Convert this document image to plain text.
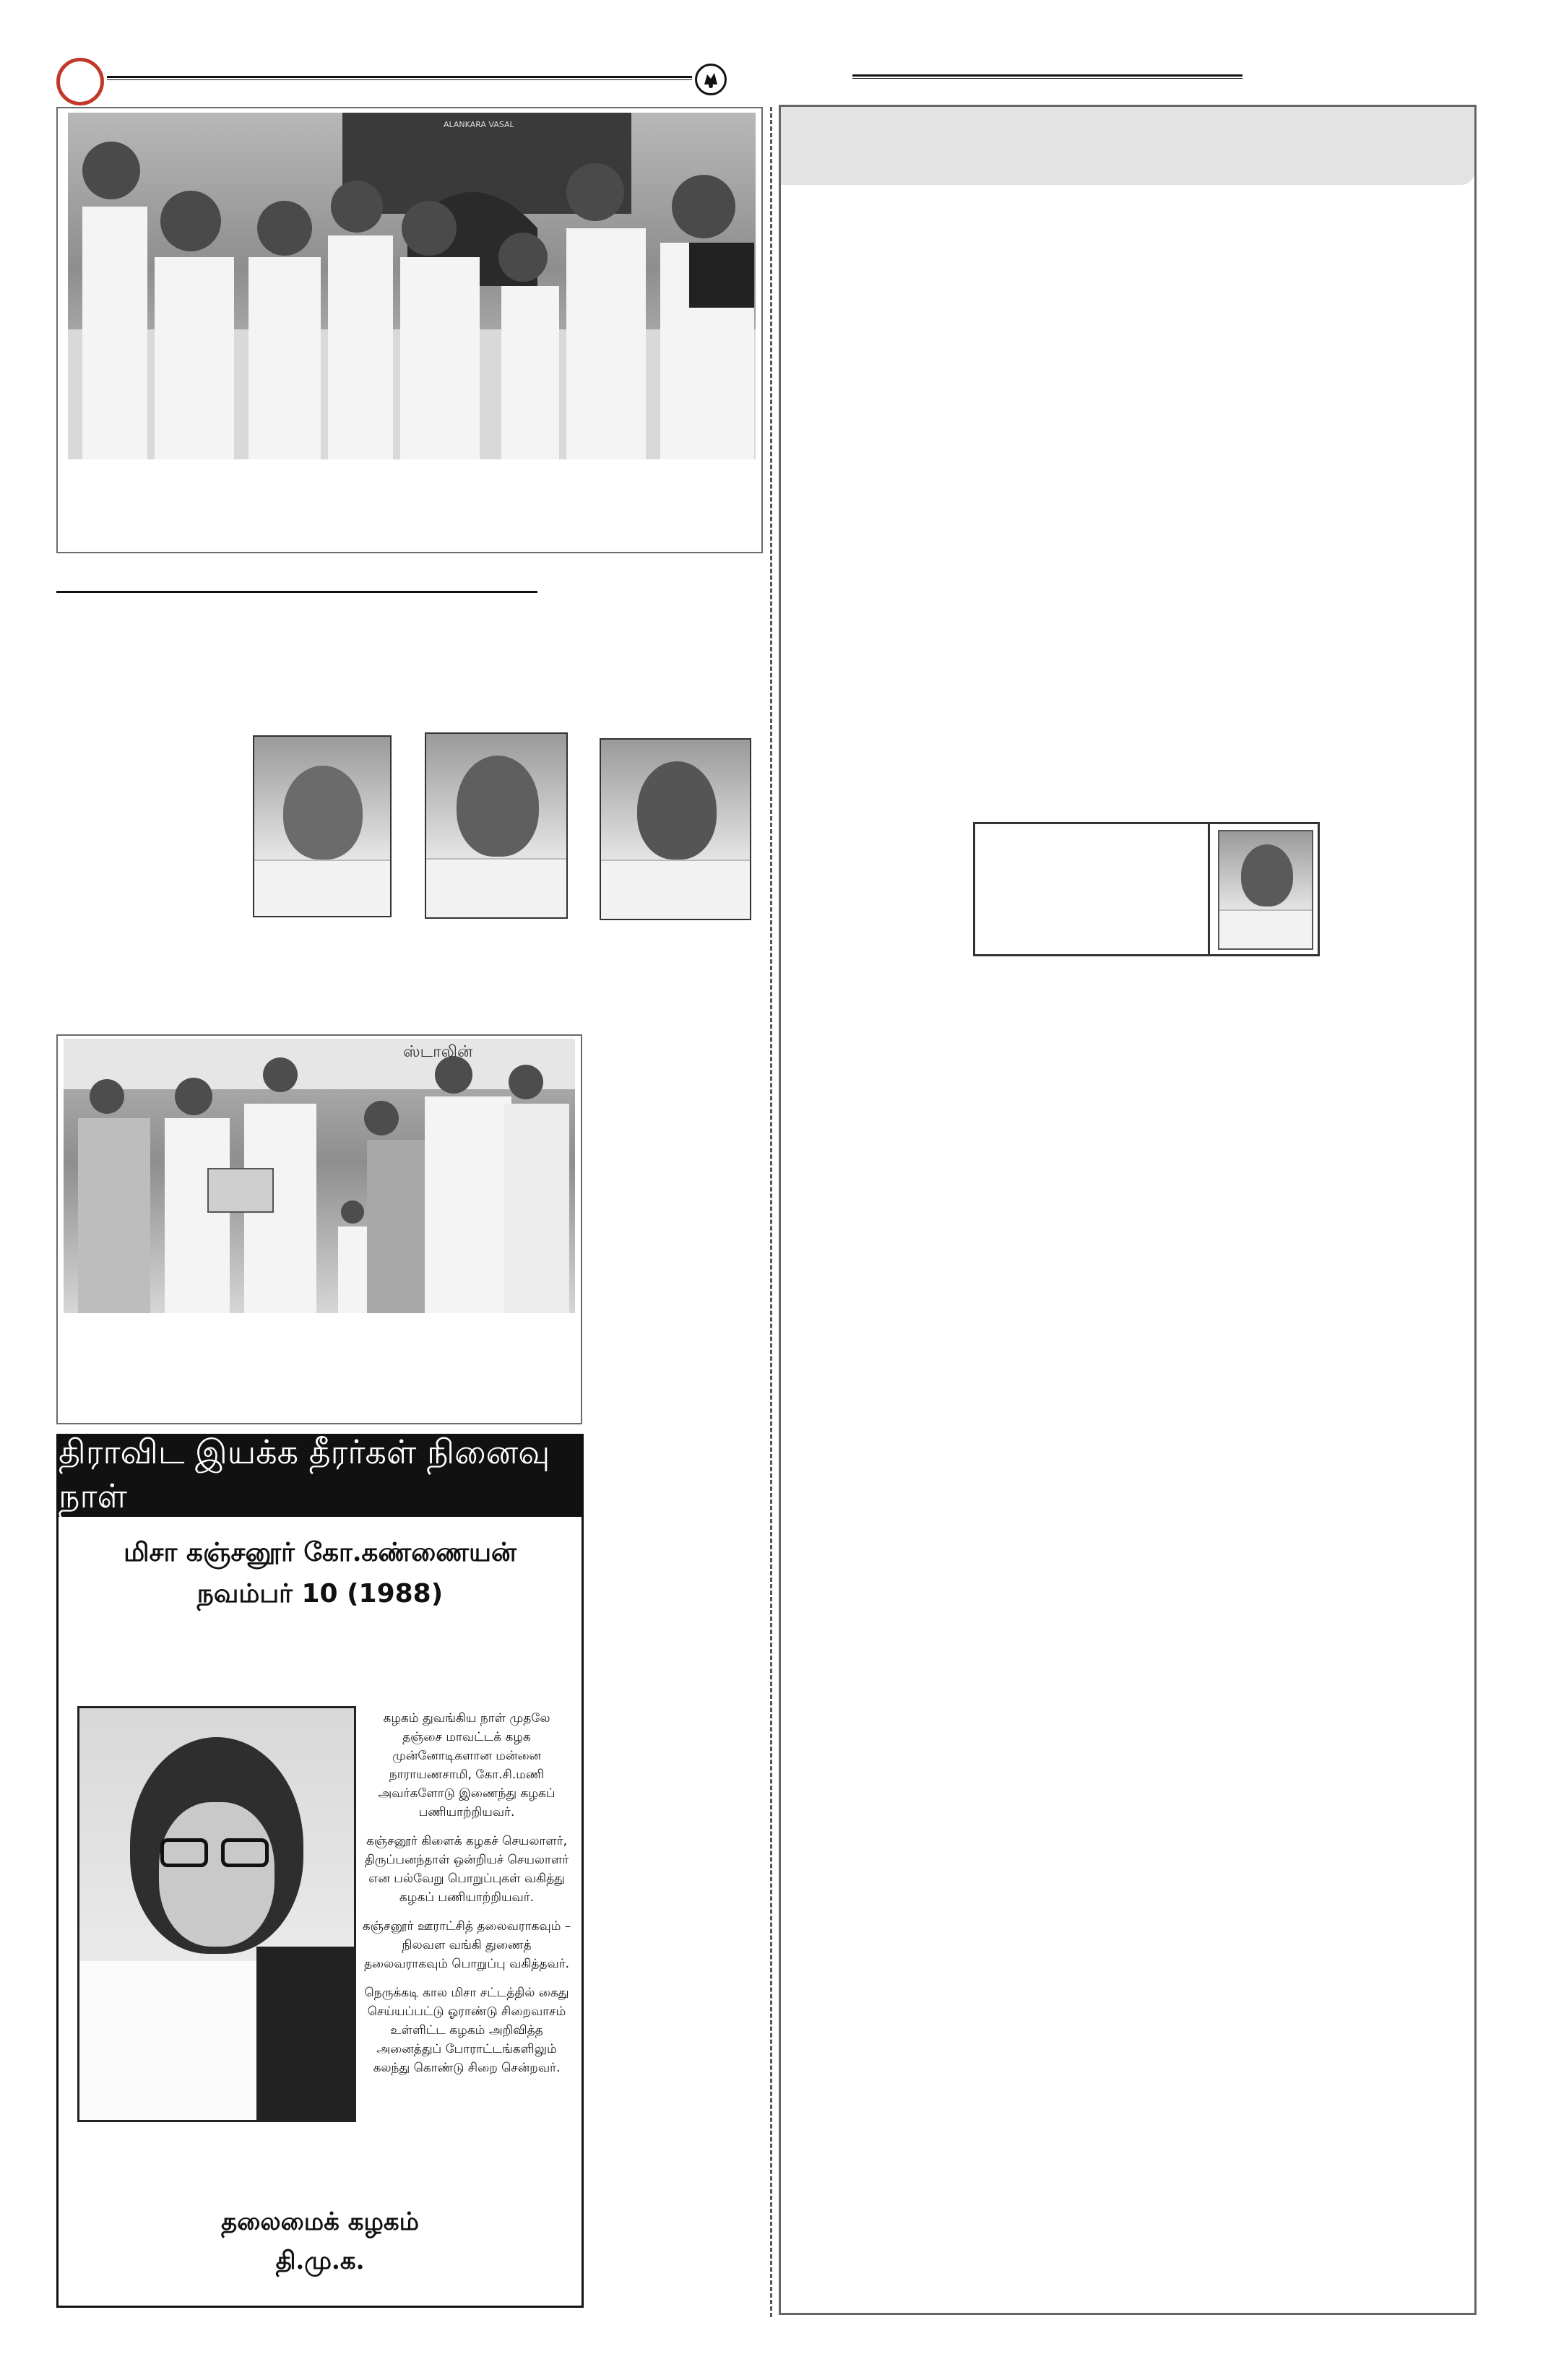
ALANKARA VASAL
ஸ்டாலின்
திராவிட இயக்க தீரர்கள் நினைவு நாள்
மிசா கஞ்சனூர் கோ.கண்ணையன்
நவம்பர் 10 (1988)

கழகம் துவங்கிய நாள் முதலே தஞ்சை மாவட்டக் கழக முன்னோடிகளான மன்னை நாராயணசாமி, கோ.சி.மணி அவர்களோடு இணைந்து கழகப் பணியாற்றியவர்.

கஞ்சனூர் கிளைக் கழகச் செயலாளர், திருப்பனந்தாள் ஒன்றியச் செயலாளர் என பல்வேறு பொறுப்புகள் வகித்து கழகப் பணியாற்றியவர்.

கஞ்சனூர் ஊராட்சித் தலைவராகவும் – நிலவள வங்கி துணைத் தலைவராகவும் பொறுப்பு வகித்தவர்.

நெருக்கடி கால மிசா சட்டத்தில் கைது செய்யப்பட்டு ஓராண்டு சிறைவாசம் உள்ளிட்ட கழகம் அறிவித்த அனைத்துப் போராட்டங்களிலும் கலந்து கொண்டு சிறை சென்றவர்.

தலைமைக் கழகம்
தி.மு.க.
